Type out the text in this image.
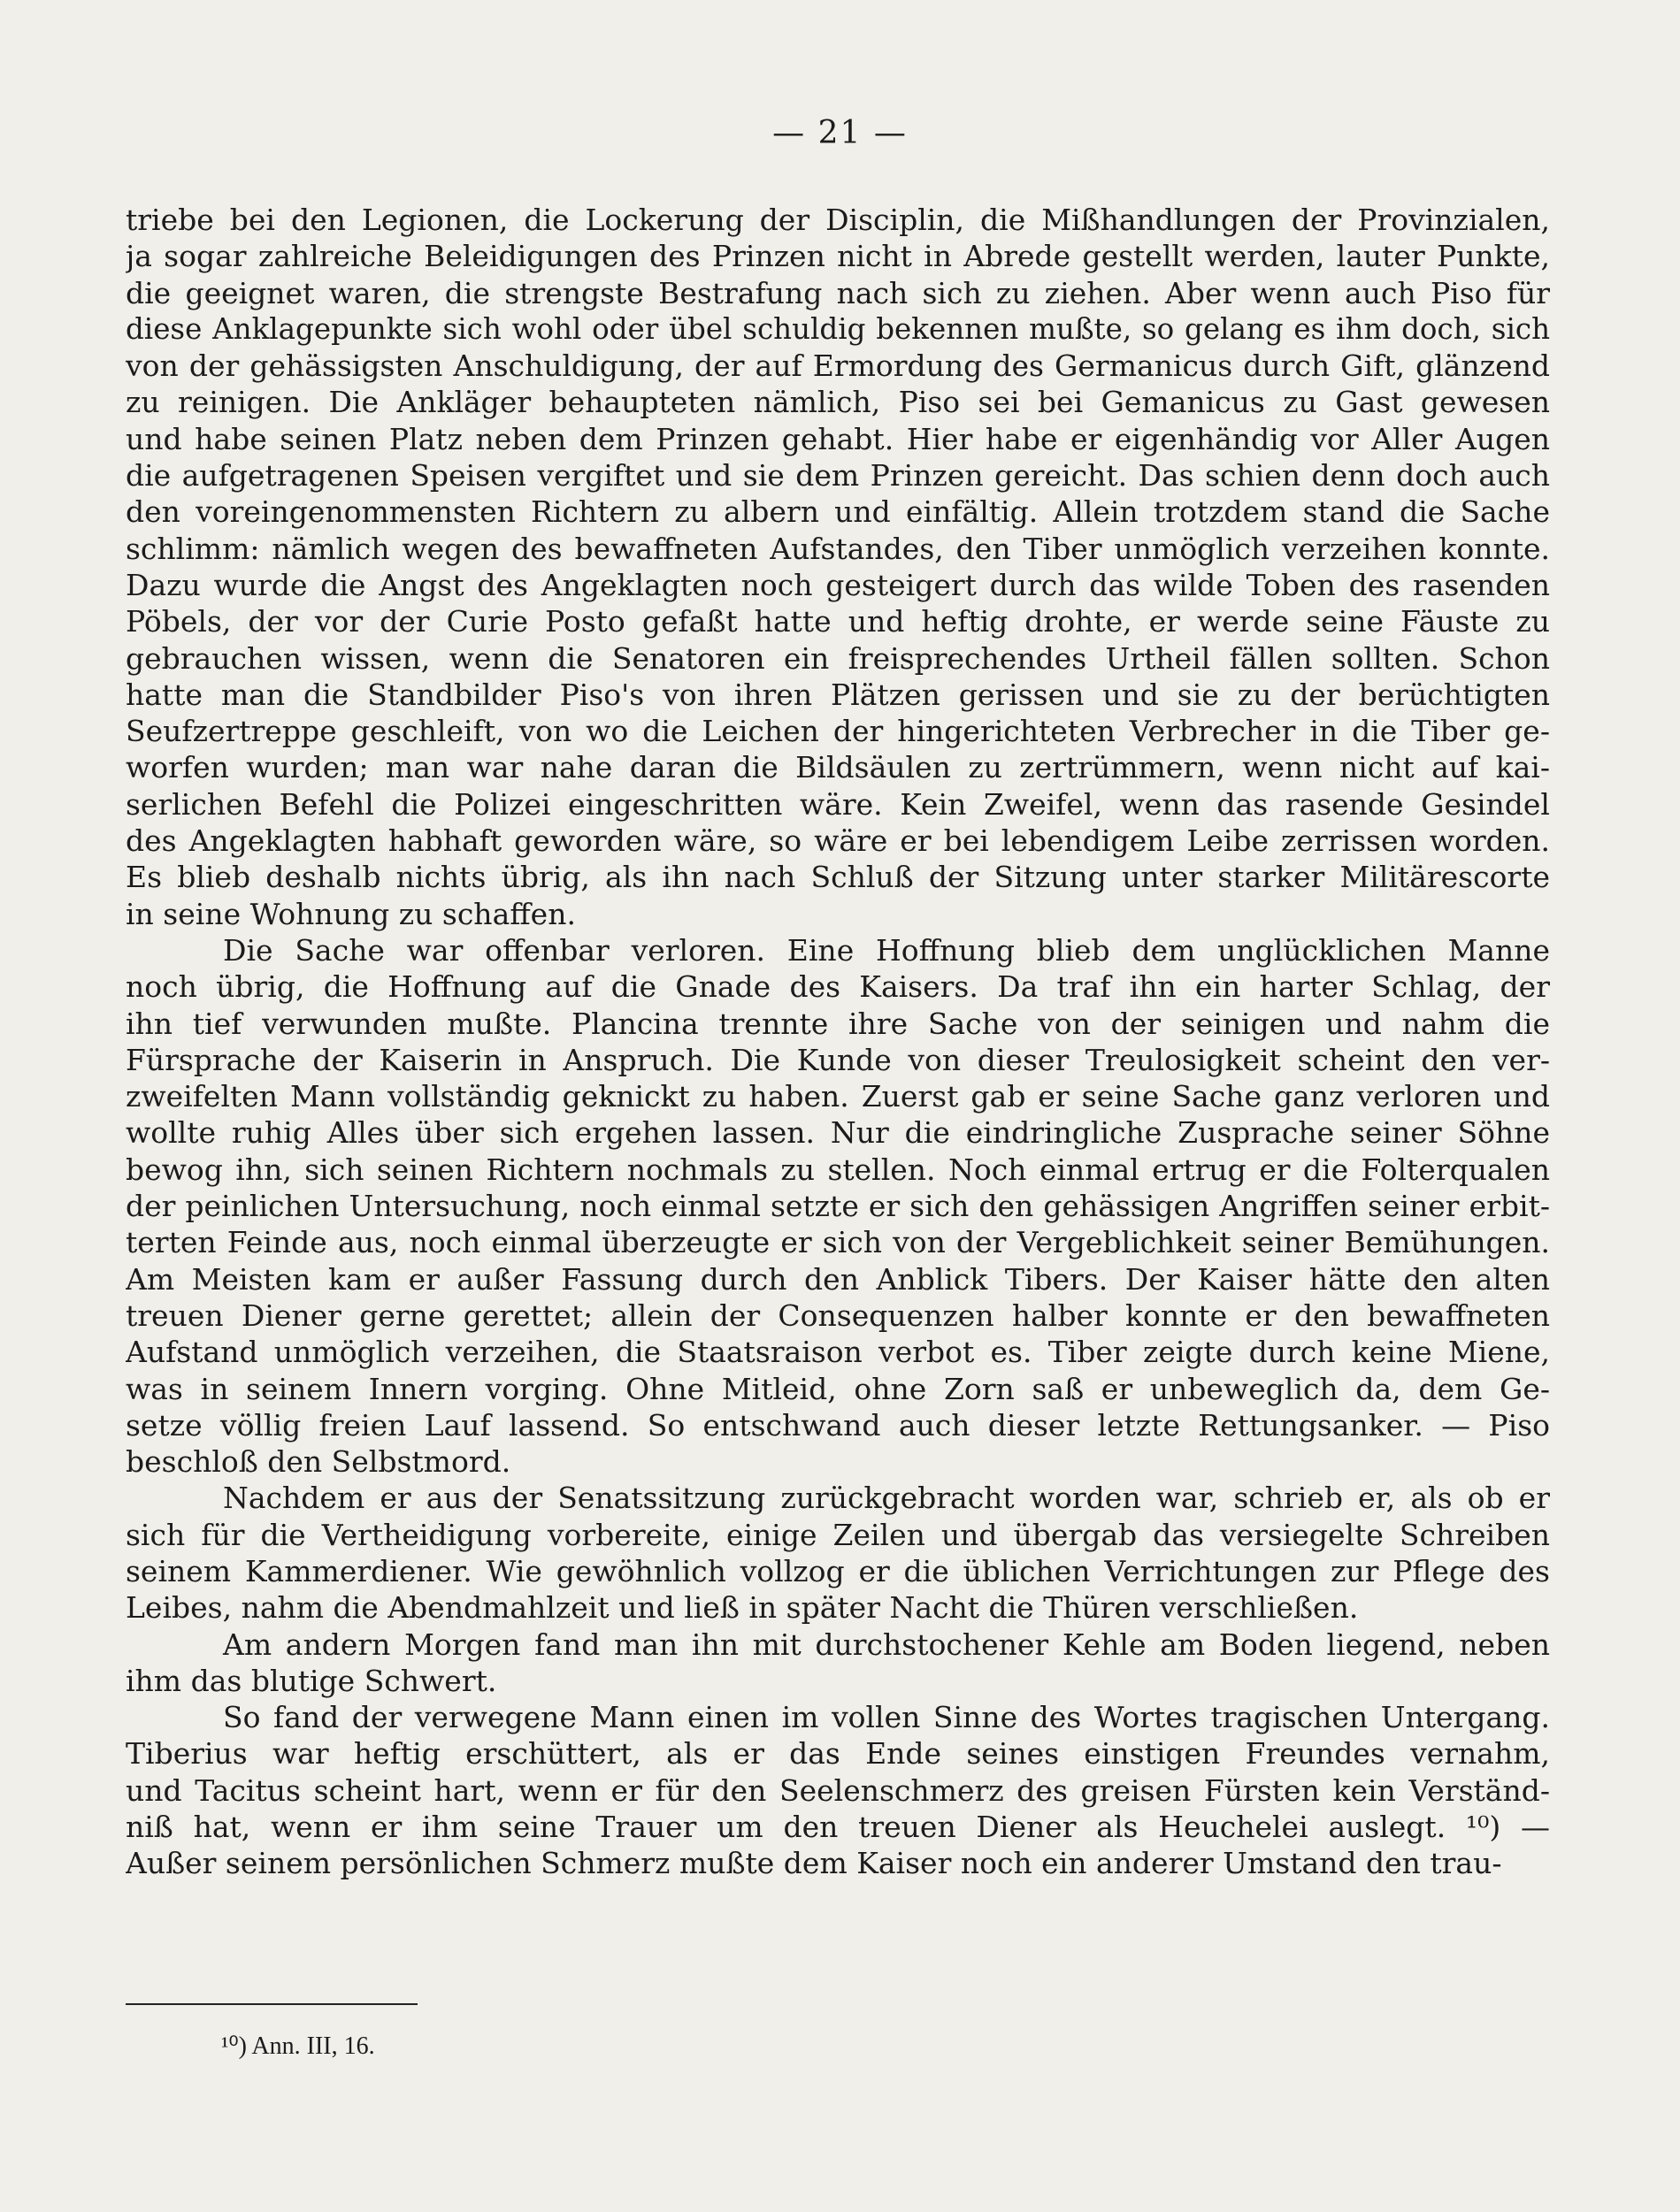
— 21 —
triebe bei den Legionen, die Lockerung der Disciplin, die Mißhandlungen der Provinzialen,
ja sogar zahlreiche Beleidigungen des Prinzen nicht in Abrede gestellt werden, lauter Punkte,
die geeignet waren, die strengste Bestrafung nach sich zu ziehen. Aber wenn auch Piso für
diese Anklagepunkte sich wohl oder übel schuldig bekennen mußte, so gelang es ihm doch, sich
von der gehässigsten Anschuldigung, der auf Ermordung des Germanicus durch Gift, glänzend
zu reinigen. Die Ankläger behaupteten nämlich, Piso sei bei Gemanicus zu Gast gewesen
und habe seinen Platz neben dem Prinzen gehabt. Hier habe er eigenhändig vor Aller Augen
die aufgetragenen Speisen vergiftet und sie dem Prinzen gereicht. Das schien denn doch auch
den voreingenommensten Richtern zu albern und einfältig. Allein trotzdem stand die Sache
schlimm: nämlich wegen des bewaffneten Aufstandes, den Tiber unmöglich verzeihen konnte.
Dazu wurde die Angst des Angeklagten noch gesteigert durch das wilde Toben des rasenden
Pöbels, der vor der Curie Posto gefaßt hatte und heftig drohte, er werde seine Fäuste zu
gebrauchen wissen, wenn die Senatoren ein freisprechendes Urtheil fällen sollten. Schon
hatte man die Standbilder Piso's von ihren Plätzen gerissen und sie zu der berüchtigten
Seufzertreppe geschleift, von wo die Leichen der hingerichteten Verbrecher in die Tiber ge-
worfen wurden; man war nahe daran die Bildsäulen zu zertrümmern, wenn nicht auf kai-
serlichen Befehl die Polizei eingeschritten wäre. Kein Zweifel, wenn das rasende Gesindel
des Angeklagten habhaft geworden wäre, so wäre er bei lebendigem Leibe zerrissen worden.
Es blieb deshalb nichts übrig, als ihn nach Schluß der Sitzung unter starker Militärescorte
in seine Wohnung zu schaffen.
Die Sache war offenbar verloren. Eine Hoffnung blieb dem unglücklichen Manne
noch übrig, die Hoffnung auf die Gnade des Kaisers. Da traf ihn ein harter Schlag, der
ihn tief verwunden mußte. Plancina trennte ihre Sache von der seinigen und nahm die
Fürsprache der Kaiserin in Anspruch. Die Kunde von dieser Treulosigkeit scheint den ver-
zweifelten Mann vollständig geknickt zu haben. Zuerst gab er seine Sache ganz verloren und
wollte ruhig Alles über sich ergehen lassen. Nur die eindringliche Zusprache seiner Söhne
bewog ihn, sich seinen Richtern nochmals zu stellen. Noch einmal ertrug er die Folterqualen
der peinlichen Untersuchung, noch einmal setzte er sich den gehässigen Angriffen seiner erbit-
terten Feinde aus, noch einmal überzeugte er sich von der Vergeblichkeit seiner Bemühungen.
Am Meisten kam er außer Fassung durch den Anblick Tibers. Der Kaiser hätte den alten
treuen Diener gerne gerettet; allein der Consequenzen halber konnte er den bewaffneten
Aufstand unmöglich verzeihen, die Staatsraison verbot es. Tiber zeigte durch keine Miene,
was in seinem Innern vorging. Ohne Mitleid, ohne Zorn saß er unbeweglich da, dem Ge-
setze völlig freien Lauf lassend. So entschwand auch dieser letzte Rettungsanker. — Piso
beschloß den Selbstmord.
Nachdem er aus der Senatssitzung zurückgebracht worden war, schrieb er, als ob er
sich für die Vertheidigung vorbereite, einige Zeilen und übergab das versiegelte Schreiben
seinem Kammerdiener. Wie gewöhnlich vollzog er die üblichen Verrichtungen zur Pflege des
Leibes, nahm die Abendmahlzeit und ließ in später Nacht die Thüren verschließen.
Am andern Morgen fand man ihn mit durchstochener Kehle am Boden liegend, neben
ihm das blutige Schwert.
So fand der verwegene Mann einen im vollen Sinne des Wortes tragischen Untergang.
Tiberius war heftig erschüttert, als er das Ende seines einstigen Freundes vernahm,
und Tacitus scheint hart, wenn er für den Seelenschmerz des greisen Fürsten kein Verständ-
niß hat, wenn er ihm seine Trauer um den treuen Diener als Heuchelei auslegt. ¹⁰) —
Außer seinem persönlichen Schmerz mußte dem Kaiser noch ein anderer Umstand den trau-
¹⁰) Ann. III, 16.
